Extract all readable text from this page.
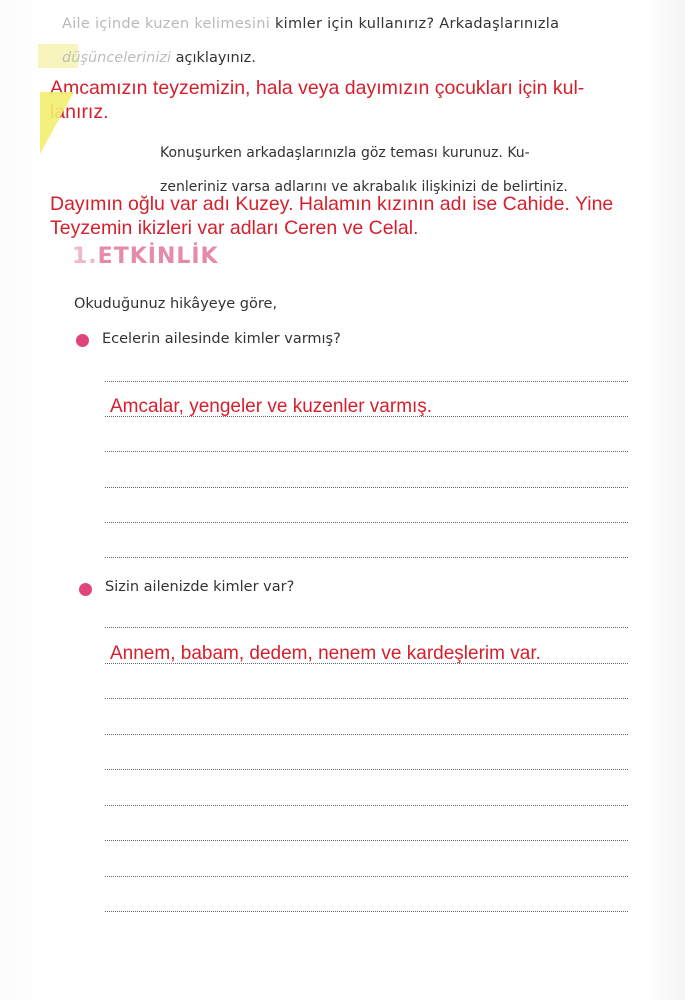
Aile içinde kuzen kelimesini kimler için kullanırız? Arkadaşlarınızla
düşüncelerinizi açıklayınız.
Amcamızın teyzemizin, hala veya dayımızın çocukları için kul-
lanırız.
Konuşurken arkadaşlarınızla göz teması kurunuz. Ku-
zenleriniz varsa adlarını ve akrabalık ilişkinizi de belirtiniz.
Dayımın oğlu var adı Kuzey. Halamın kızının adı ise Cahide. Yine
Teyzemin ikizleri var adları Ceren ve Celal.
1.ETKİNLİK
Okuduğunuz hikâyeye göre,
Ecelerin ailesinde kimler varmış?
Amcalar, yengeler ve kuzenler varmış.
Sizin ailenizde kimler var?
Annem, babam, dedem, nenem ve kardeşlerim var.
